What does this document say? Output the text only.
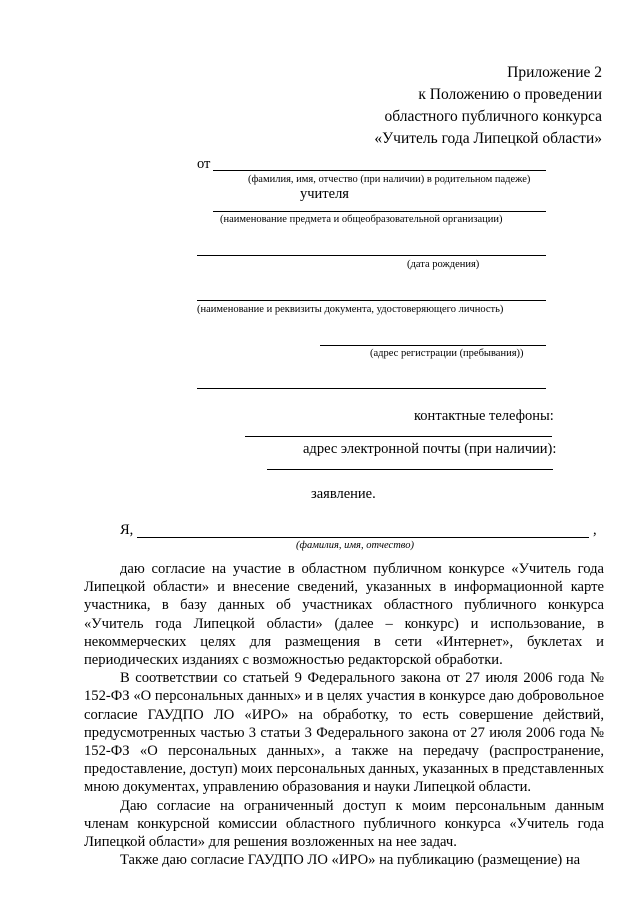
Приложение 2
к Положению о проведении
областного публичного конкурса
«Учитель года Липецкой области»
от
(фамилия, имя, отчество (при наличии) в родительном падеже)
учителя
(наименование предмета и общеобразовательной организации)
(дата рождения)
(наименование и реквизиты документа, удостоверяющего личность)
(адрес регистрации (пребывания))
контактные телефоны:
адрес электронной почты (при наличии):
заявление.
Я,	,
(фамилия, имя, отчество)

даю согласие на участие в областном публичном конкурсе «Учитель года Липецкой области» и внесение сведений, указанных в информационной карте участника, в базу данных об участниках областного публичного конкурса «Учитель года Липецкой области» (далее – конкурс) и использование, в некоммерческих целях для размещения в сети «Интернет», буклетах и периодических изданиях с возможностью редакторской обработки.

В соответствии со статьей 9 Федерального закона от 27 июля 2006 года № 152-ФЗ «О персональных данных» и в целях участия в конкурсе даю добровольное согласие ГАУДПО ЛО «ИРО» на обработку, то есть совершение действий, предусмотренных частью 3 статьи 3 Федерального закона от 27 июля 2006 года № 152-ФЗ «О персональных данных», а также на передачу (распространение, предоставление, доступ) моих персональных данных, указанных в представленных мною документах, управлению образования и науки Липецкой области.

Даю согласие на ограниченный доступ к моим персональным данным членам конкурсной комиссии областного публичного конкурса «Учитель года Липецкой области» для решения возложенных на нее задач.

Также даю согласие ГАУДПО ЛО «ИРО» на публикацию (размещение) на
